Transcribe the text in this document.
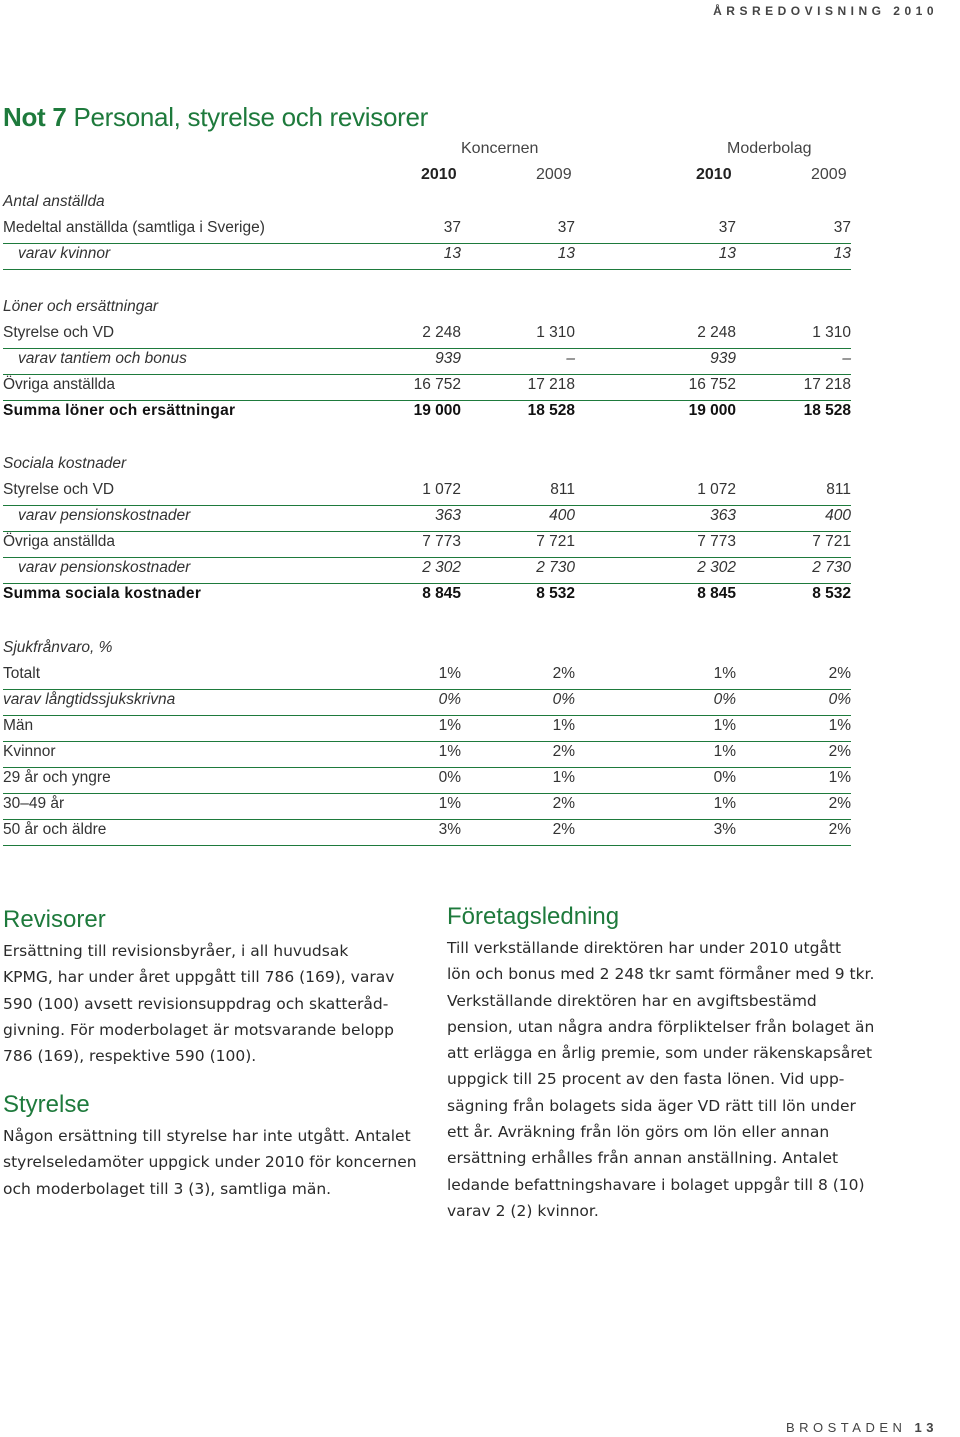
ÅRSREDOVISNING 2010
Not 7 Personal, styrelse och revisorer
Koncernen	Moderbolag
2010	2009	2010	2009
Antal anställda
Medeltal anställda (samtliga i Sverige)	37	37	37	37
varav kvinnor	13	13	13	13
Löner och ersättningar
Styrelse och VD	2 248	1 310	2 248	1 310
varav tantiem och bonus	939	–	939	–
Övriga anställda	16 752	17 218	16 752	17 218
Summa löner och ersättningar	19 000	18 528	19 000	18 528
Sociala kostnader
Styrelse och VD	1 072	811	1 072	811
varav pensionskostnader	363	400	363	400
Övriga anställda	7 773	7 721	7 773	7 721
varav pensionskostnader	2 302	2 730	2 302	2 730
Summa sociala kostnader	8 845	8 532	8 845	8 532
Sjukfrånvaro, %
Totalt	1%	2%	1%	2%
varav långtidssjukskrivna	0%	0%	0%	0%
Män	1%	1%	1%	1%
Kvinnor	1%	2%	1%	2%
29 år och yngre	0%	1%	0%	1%
30–49 år	1%	2%	1%	2%
50 år och äldre	3%	2%	3%	2%
Revisorer

Ersättning till revisionsbyråer, i all huvudsak
KPMG, har under året uppgått till 786 (169), varav
590 (100) avsett revisionsuppdrag och skatteråd-
givning. För moderbolaget är motsvarande belopp
786 (169), respektive 590 (100).

Styrelse

Någon ersättning till styrelse har inte utgått. Antalet
styrelseledamöter uppgick under 2010 för koncernen
och moderbolaget till 3 (3), samtliga män.

Företagsledning

Till verkställande direktören har under 2010 utgått
lön och bonus med 2 248 tkr samt förmåner med 9 tkr.
Verkställande direktören har en avgiftsbestämd
pension, utan några andra förpliktelser från bolaget än
att erlägga en årlig premie, som under räkenskapsåret
uppgick till 25 procent av den fasta lönen. Vid upp-
sägning från bolagets sida äger VD rätt till lön under
ett år. Avräkning från lön görs om lön eller annan
ersättning erhålles från annan anställning. Antalet
ledande befattningshavare i bolaget uppgår till 8 (10)
varav 2 (2) kvinnor.

BROSTADEN 13
